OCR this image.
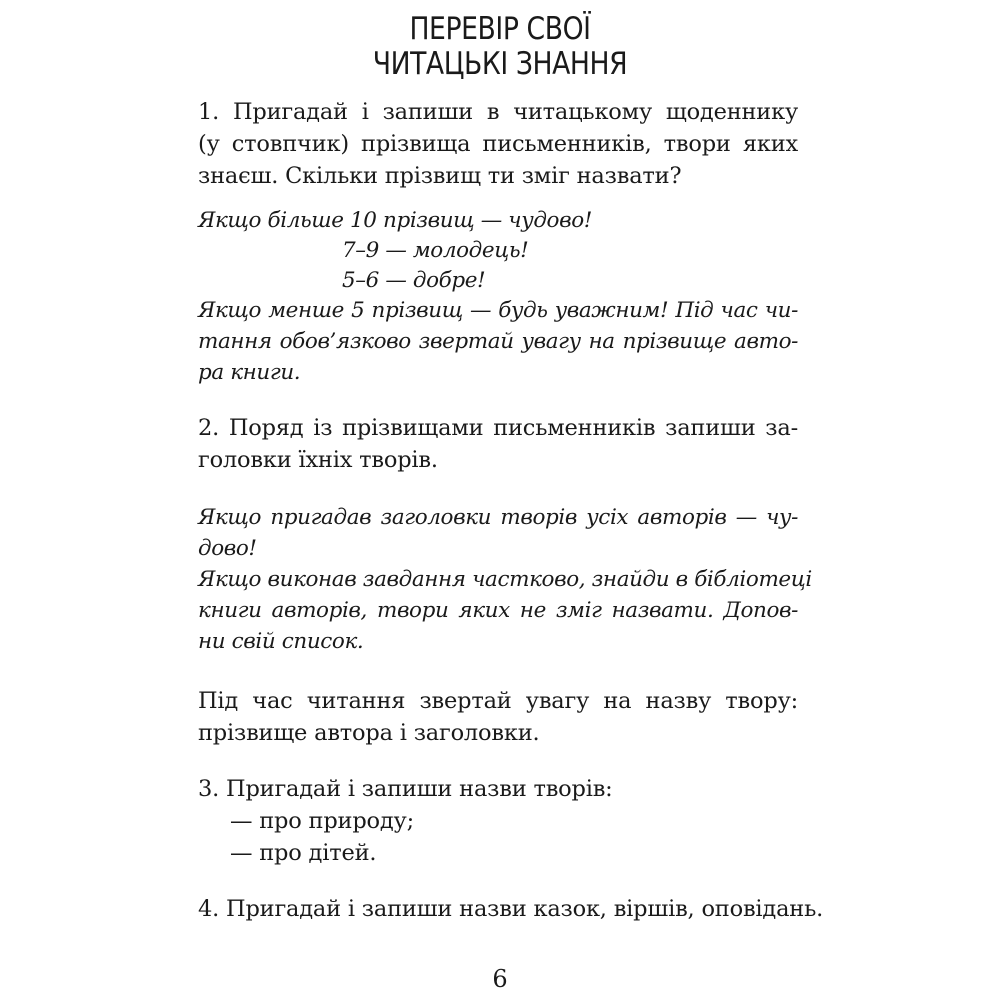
ПЕРЕВІР СВОЇ
ЧИТАЦЬКІ ЗНАННЯ
1. Пригадай і запиши в читацькому щоденнику
(у стовпчик) прізвища письменників, твори яких
знаєш. Скільки прізвищ ти зміг назвати?
Якщо більше 10 прізвищ — чудово!
7–9 — молодець!
5–6 — добре!
Якщо менше 5 прізвищ — будь уважним! Під час чи-
тання обов’язково звертай увагу на прізвище авто-
ра книги.
2. Поряд із прізвищами письменників запиши за-
головки їхніх творів.
Якщо пригадав заголовки творів усіх авторів — чу-
дово!
Якщо виконав завдання частково, знайди в бібліотеці
книги авторів, твори яких не зміг назвати. Допов-
ни свій список.
Під час читання звертай увагу на назву твору:
прізвище автора і заголовки.
3. Пригадай і запиши назви творів:
— про природу;
— про дітей.
4. Пригадай і запиши назви казок, віршів, оповідань.
6
